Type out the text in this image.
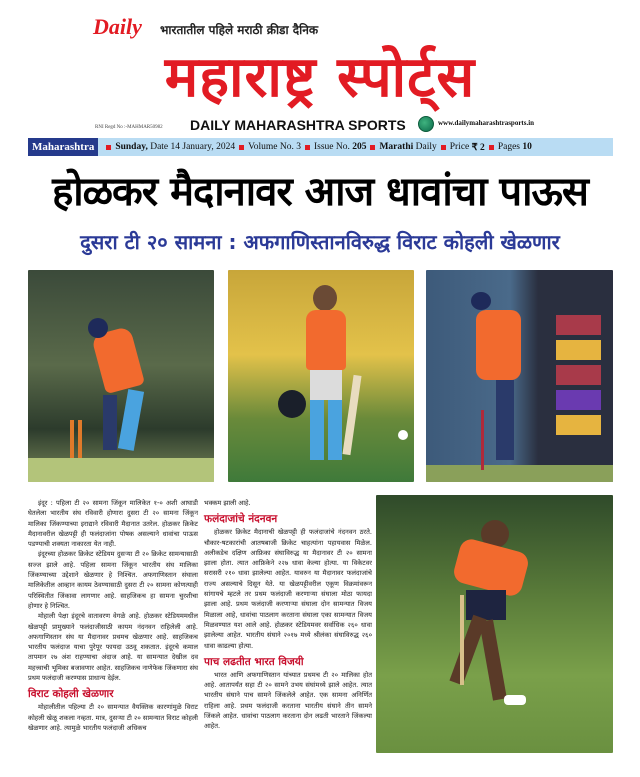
Daily भारतातील पहिले मराठी क्रीडा दैनिक
महाराष्ट्र स्पोर्ट्स
RNI Regd No :-MAHMAR50982 DAILY MAHARASHTRA SPORTS	www.dailymaharashtrasports.in
Maharashtra	Sunday,
Date 14 January, 2024 Volume No.
3 Issue No.
205 Marathi
Daily Price
₹ 2 Pages
10
होळकर मैदानावर आज धावांचा पाऊस
दुसरा टी २० सामना : अफगाणिस्तानविरुद्ध विराट कोहली खेळणार

इंदूर : पहिला टी २० सामना जिंकून मालिकेत १-० अशी आघाडी घेतलेला भारतीय संघ रविवारी होणारा दुसरा टी २० सामना जिंकून मालिका जिंकण्याच्या इराद्याने रविवारी मैदानात उतरेल. होळकर क्रिकेट मैदानावरील खेळपट्टी ही फलंदाजांना पोषक असल्याने धावांचा पाऊस पडण्याची शक्यता नाकारता येत नाही.

इंदूरच्या होळकर क्रिकेट स्टेडियम दुसऱ्या टी २० क्रिकेट सामन्यासाठी सज्ज झाले आहे. पहिला सामना जिंकून भारतीय संघ मालिका जिंकण्याच्या उद्देशाने खेळणार हे निश्चित. अफगाणिस्तान संघाला मालिकेतील आव्हान कायम ठेवण्यासाठी दुसरा टी २० सामना कोणत्याही परिस्थितीत जिंकावा लागणार आहे. साहजिकच हा सामना चुरशीचा होणार हे निश्चित.

मोहाली पेक्षा इंदूरचे वातावरण वेगळे आहे. होळकर स्टेडियममधील खेळपट्टी प्रामुख्याने फलंदाजीसाठी कायम नंदनवन राहिलेली आहे. अफगाणिस्तान संघ या मैदानावर प्रथमच खेळणार आहे. साहजिकच भारतीय फलंदाज याचा पुरेपूर फायदा उठवू शकतात. इंदूरचे कमाल तापमान २७ अंश राहण्याचा अंदाज आहे. या सामन्यात देखील दव महत्त्वाची भूमिका बजावणार आहेत. साहजिकच नाणेफेक जिंकणारा संघ प्रथम फलंदाजी करण्यास प्राधान्य देईल.

विराट कोहली खेळणार

मोहालीतील पहिल्या टी २० सामन्यात वैयक्तिक कारणांमुळे विराट कोहली खेळू शकला नव्हता. मात्र, दुसऱ्या टी २० सामन्यात विराट कोहली खेळणार आहे. त्यामुळे भारतीय फलंदाजी अधिकच

भक्कम झाली आहे.
फलंदाजांचे नंदनवन

होळकर क्रिकेट मैदानाची खेळपट्टी ही फलंदाजांचे नंदनवन ठरते. चौकार-षटकारांची आतषबाजी क्रिकेट चाहत्यांना पहायवास मिळेल. अलीकडेच दक्षिण आफ्रिका संघाविरुद्ध या मैदानावर टी २० सामना झाला होता. त्यात आफ्रिकेने २२७ धावा केल्या होत्या. या विकेटवर सरासरी २१० धावा झालेल्या आहेत. यावरुन या मैदानावर फलंदाजांचे राज्य असल्याचे दिसून येते. या खेळपट्टीवरील एकूण विक्रमांवरून सांगायचे म्हटले तर प्रथम फलंदाजी करणाऱ्या संघाला मोठा फायदा झाला आहे. प्रथम फलंदाजी करणाऱ्या संघाला दोन सामन्यात विजय मिळाला आहे, धावांचा पाठलाग करताना संघाला एका सामन्यात विजय मिळवण्यात यश आले आहे. होळकर स्टेडियमवर सर्वाधिक २६० धावा झालेल्या आहेत. भारतीय संघाने २०१७ मध्ये श्रीलंका संघाविरुद्ध २६० धावा काढल्या होत्या.

पाच लढतीत भारत विजयी

भारत आणि अफगाणिस्तान यांच्यात प्रथमच टी २० मालिका होत आहे. आतापर्यंत सहा टी २० सामने उभय संघांमध्ये झाले आहेत. त्यात भारतीय संघाने पाच सामने जिंकलेले आहेत. एक सामना अनिर्णित राहिला आहे. प्रथम फलंदाजी करताना भारतीय संघाने तीन सामने जिंकले आहेत. धावांचा पाठलाग करताना दोन लढती भारताने जिंकल्या आहेत.
